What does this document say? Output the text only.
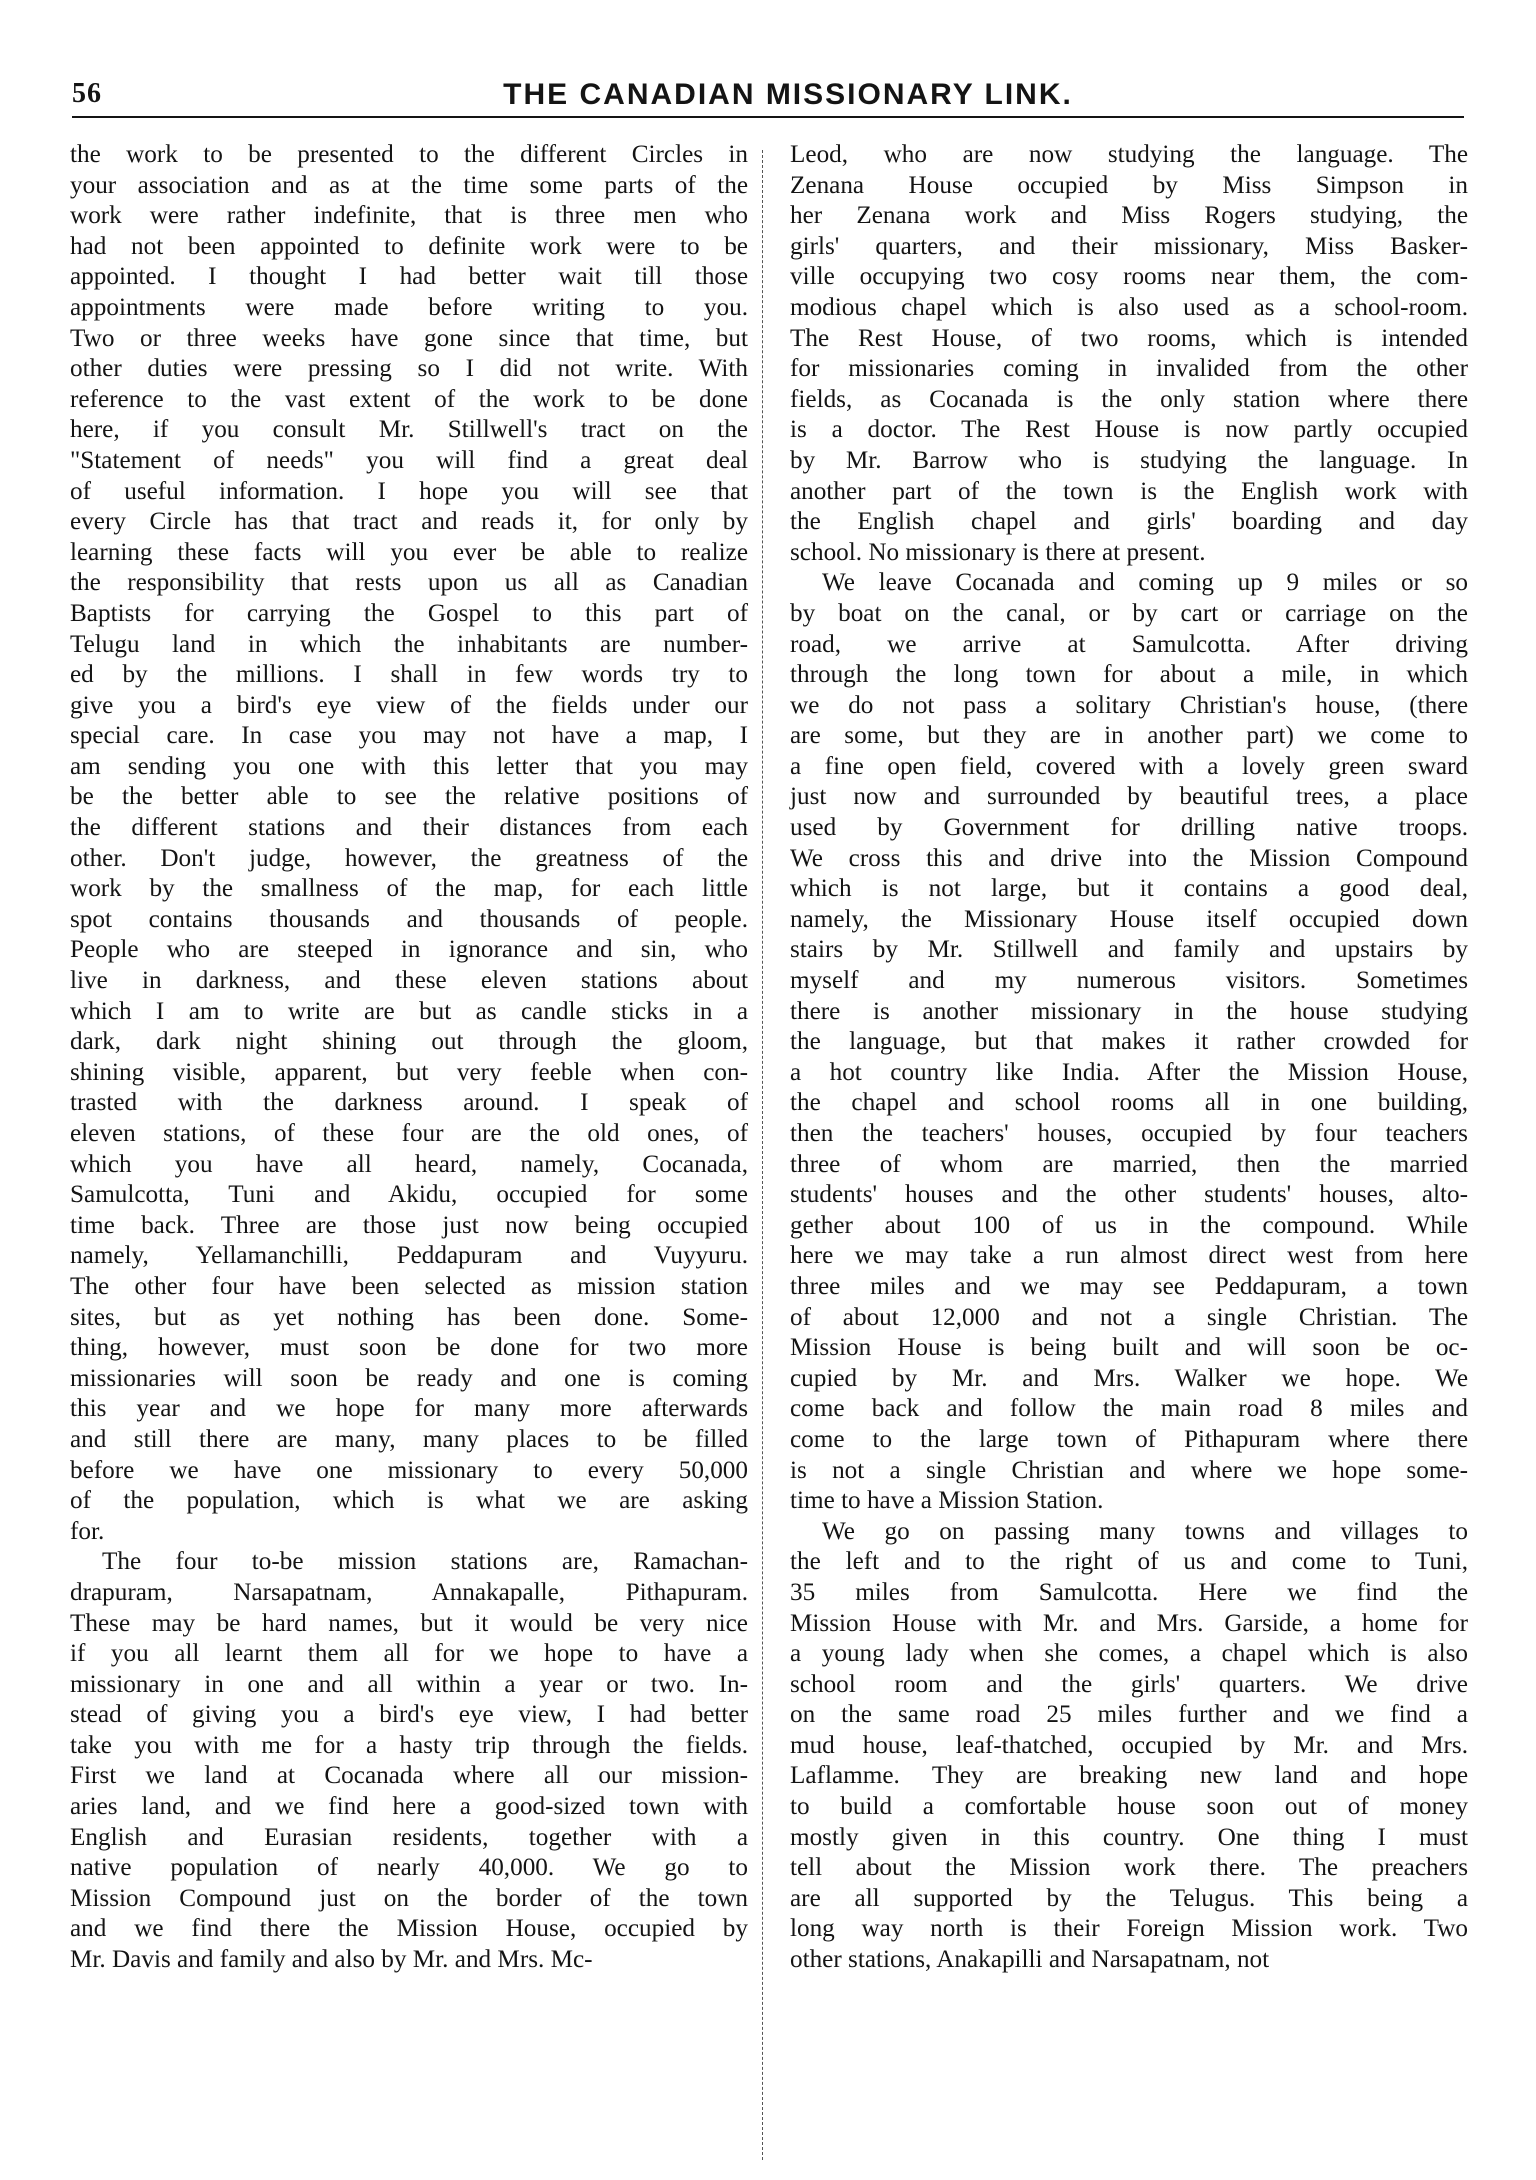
56	THE CANADIAN MISSIONARY LINK.
the work to be presented to the different Circles in
your association and as at the time some parts of the
work were rather indefinite, that is three men who
had not been appointed to definite work were to be
appointed. I thought I had better wait till those
appointments were made before writing to you.
Two or three weeks have gone since that time, but
other duties were pressing so I did not write. With
reference to the vast extent of the work to be done
here, if you consult Mr. Stillwell's tract on the
"Statement of needs" you will find a great deal
of useful information. I hope you will see that
every Circle has that tract and reads it, for only by
learning these facts will you ever be able to realize
the responsibility that rests upon us all as Canadian
Baptists for carrying the Gospel to this part of
Telugu land in which the inhabitants are number-
ed by the millions. I shall in few words try to
give you a bird's eye view of the fields under our
special care. In case you may not have a map, I
am sending you one with this letter that you may
be the better able to see the relative positions of
the different stations and their distances from each
other. Don't judge, however, the greatness of the
work by the smallness of the map, for each little
spot contains thousands and thousands of people.
People who are steeped in ignorance and sin, who
live in darkness, and these eleven stations about
which I am to write are but as candle sticks in a
dark, dark night shining out through the gloom,
shining visible, apparent, but very feeble when con-
trasted with the darkness around. I speak of
eleven stations, of these four are the old ones, of
which you have all heard, namely, Cocanada,
Samulcotta, Tuni and Akidu, occupied for some
time back. Three are those just now being occupied
namely, Yellamanchilli, Peddapuram and Vuyyuru.
The other four have been selected as mission station
sites, but as yet nothing has been done. Some-
thing, however, must soon be done for two more
missionaries will soon be ready and one is coming
this year and we hope for many more afterwards
and still there are many, many places to be filled
before we have one missionary to every 50,000
of the population, which is what we are asking
for.
The four to-be mission stations are, Ramachan-
drapuram, Narsapatnam, Annakapalle, Pithapuram.
These may be hard names, but it would be very nice
if you all learnt them all for we hope to have a
missionary in one and all within a year or two. In-
stead of giving you a bird's eye view, I had better
take you with me for a hasty trip through the fields.
First we land at Cocanada where all our mission-
aries land, and we find here a good-sized town with
English and Eurasian residents, together with a
native population of nearly 40,000. We go to
Mission Compound just on the border of the town
and we find there the Mission House, occupied by
Mr. Davis and family and also by Mr. and Mrs. Mc-
Leod, who are now studying the language. The
Zenana House occupied by Miss Simpson in
her Zenana work and Miss Rogers studying, the
girls' quarters, and their missionary, Miss Basker-
ville occupying two cosy rooms near them, the com-
modious chapel which is also used as a school-room.
The Rest House, of two rooms, which is intended
for missionaries coming in invalided from the other
fields, as Cocanada is the only station where there
is a doctor. The Rest House is now partly occupied
by Mr. Barrow who is studying the language. In
another part of the town is the English work with
the English chapel and girls' boarding and day
school. No missionary is there at present.
We leave Cocanada and coming up 9 miles or so
by boat on the canal, or by cart or carriage on the
road, we arrive at Samulcotta. After driving
through the long town for about a mile, in which
we do not pass a solitary Christian's house, (there
are some, but they are in another part) we come to
a fine open field, covered with a lovely green sward
just now and surrounded by beautiful trees, a place
used by Government for drilling native troops.
We cross this and drive into the Mission Compound
which is not large, but it contains a good deal,
namely, the Missionary House itself occupied down
stairs by Mr. Stillwell and family and upstairs by
myself and my numerous visitors. Sometimes
there is another missionary in the house studying
the language, but that makes it rather crowded for
a hot country like India. After the Mission House,
the chapel and school rooms all in one building,
then the teachers' houses, occupied by four teachers
three of whom are married, then the married
students' houses and the other students' houses, alto-
gether about 100 of us in the compound. While
here we may take a run almost direct west from here
three miles and we may see Peddapuram, a town
of about 12,000 and not a single Christian. The
Mission House is being built and will soon be oc-
cupied by Mr. and Mrs. Walker we hope. We
come back and follow the main road 8 miles and
come to the large town of Pithapuram where there
is not a single Christian and where we hope some-
time to have a Mission Station.
We go on passing many towns and villages to
the left and to the right of us and come to Tuni,
35 miles from Samulcotta. Here we find the
Mission House with Mr. and Mrs. Garside, a home for
a young lady when she comes, a chapel which is also
school room and the girls' quarters. We drive
on the same road 25 miles further and we find a
mud house, leaf-thatched, occupied by Mr. and Mrs.
Laflamme. They are breaking new land and hope
to build a comfortable house soon out of money
mostly given in this country. One thing I must
tell about the Mission work there. The preachers
are all supported by the Telugus. This being a
long way north is their Foreign Mission work. Two
other stations, Anakapilli and Narsapatnam, not
